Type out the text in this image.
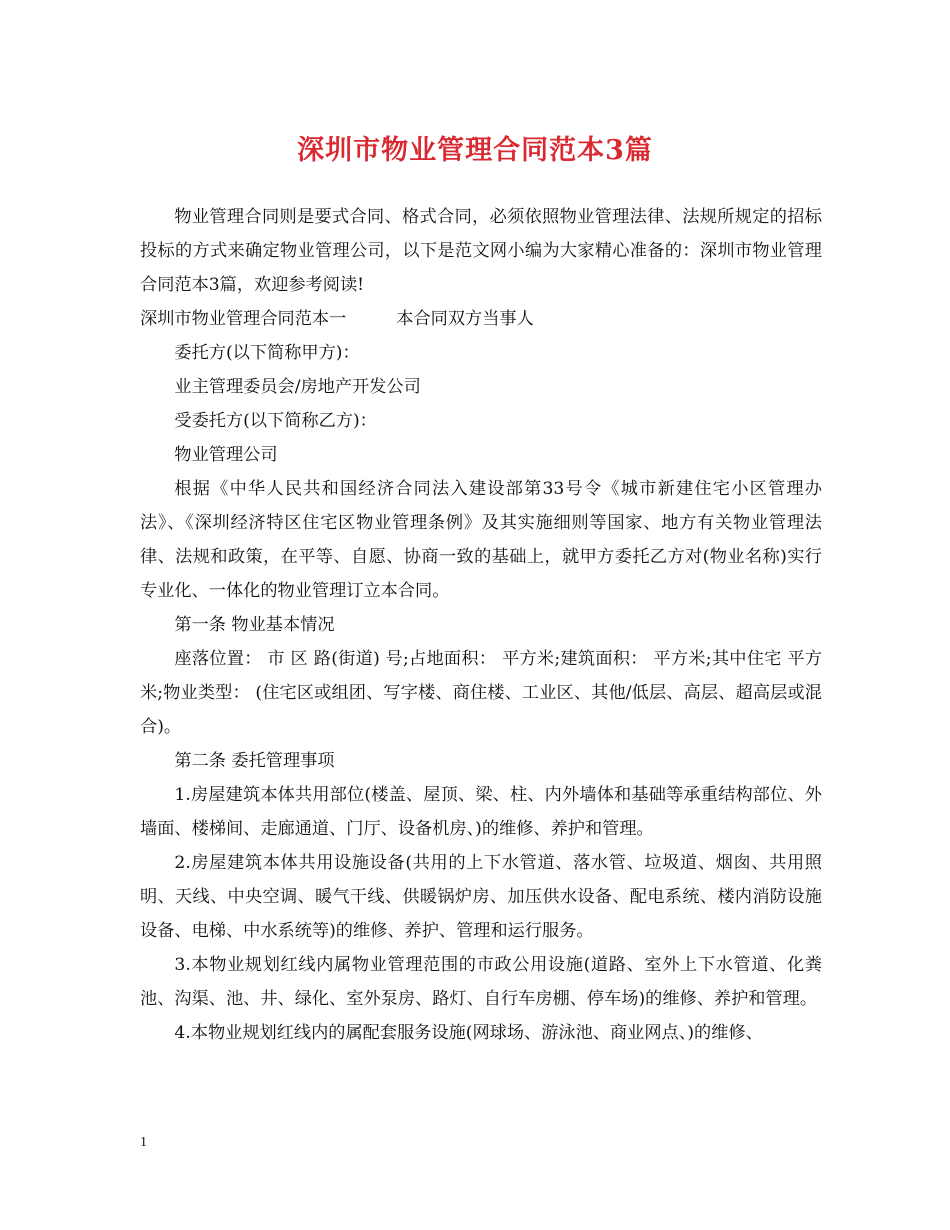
深圳市物业管理合同范本3篇

物业管理合同则是要式合同、格式合同，必须依照物业管理法律、法规所规定的招标投标的方式来确定物业管理公司，以下是范文网小编为大家精心准备的：深圳市物业管理合同范本3篇，欢迎参考阅读!

深圳市物业管理合同范本一	本合同双方当事人

委托方(以下简称甲方)：

业主管理委员会/房地产开发公司

受委托方(以下简称乙方)：

物业管理公司

根据《中华人民共和国经济合同法入建设部第33号令《城市新建住宅小区管理办法》、《深圳经济特区住宅区物业管理条例》及其实施细则等国家、地方有关物业管理法律、法规和政策，在平等、自愿、协商一致的基础上，就甲方委托乙方对(物业名称)实行专业化、一体化的物业管理订立本合同。

第一条 物业基本情况

座落位置： 市 区 路(街道) 号;占地面积： 平方米;建筑面积： 平方米;其中住宅 平方米;物业类型： (住宅区或组团、写字楼、商住楼、工业区、其他/低层、高层、超高层或混合)。

第二条 委托管理事项

1.房屋建筑本体共用部位(楼盖、屋顶、梁、柱、内外墙体和基础等承重结构部位、外墙面、楼梯间、走廊通道、门厅、设备机房、)的维修、养护和管理。

2.房屋建筑本体共用设施设备(共用的上下水管道、落水管、垃圾道、烟囱、共用照明、天线、中央空调、暖气干线、供暖锅炉房、加压供水设备、配电系统、楼内消防设施设备、电梯、中水系统等)的维修、养护、管理和运行服务。

3.本物业规划红线内属物业管理范围的市政公用设施(道路、室外上下水管道、化粪池、沟渠、池、井、绿化、室外泵房、路灯、自行车房棚、停车场)的维修、养护和管理。

4.本物业规划红线内的属配套服务设施(网球场、游泳池、商业网点、)的维修、

1
